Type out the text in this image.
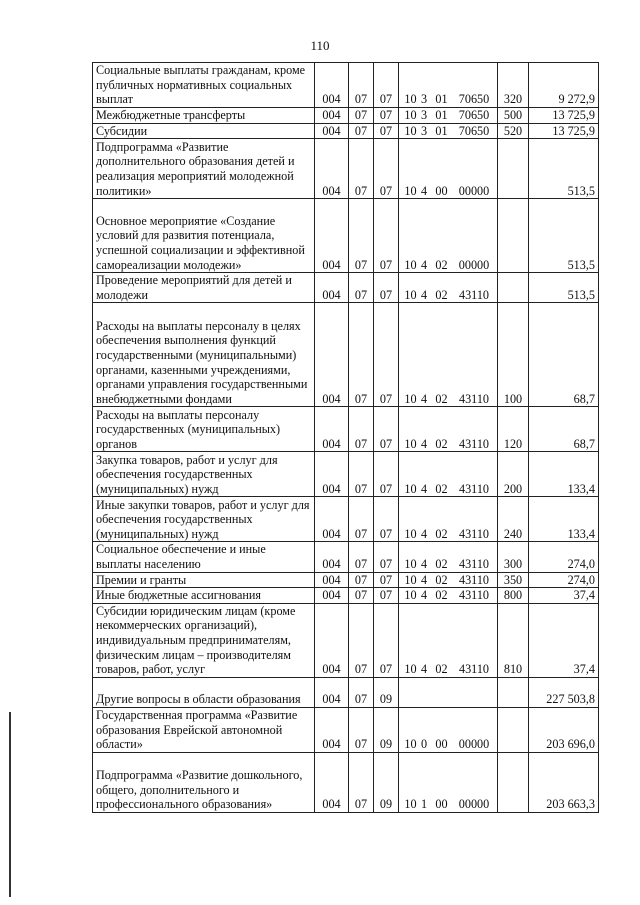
110
Социальные выплаты гражданам, кроме публичных нормативных социальных выплат	004	07	07	10 3 01 70650	320	9 272,9
Межбюджетные трансферты	004	07	07	10 3 01 70650	500	13 725,9
Субсидии	004	07	07	10 3 01 70650	520	13 725,9
Подпрограмма «Развитие дополнительного образования детей и реализация мероприятий молодежной политики»	004	07	07	10 4 00 00000		513,5
Основное мероприятие «Создание условий для развития потенциала, успешной социализации и эффективной самореализации молодежи»	004	07	07	10 4 02 00000		513,5
Проведение мероприятий для детей и молодежи	004	07	07	10 4 02 43110		513,5
Расходы на выплаты персоналу в целях обеспечения выполнения функций государственными (муниципальными) органами, казенными учреждениями, органами управления государственными внебюджетными фондами	004	07	07	10 4 02 43110	100	68,7
Расходы на выплаты персоналу государственных (муниципальных) органов	004	07	07	10 4 02 43110	120	68,7
Закупка товаров, работ и услуг для обеспечения государственных (муниципальных) нужд	004	07	07	10 4 02 43110	200	133,4
Иные закупки товаров, работ и услуг для обеспечения государственных (муниципальных) нужд	004	07	07	10 4 02 43110	240	133,4
Социальное обеспечение и иные выплаты населению	004	07	07	10 4 02 43110	300	274,0
Премии и гранты	004	07	07	10 4 02 43110	350	274,0
Иные бюджетные ассигнования	004	07	07	10 4 02 43110	800	37,4
Субсидии юридическим лицам (кроме некоммерческих организаций), индивидуальным предпринимателям, физическим лицам – производителям товаров, работ, услуг	004	07	07	10 4 02 43110	810	37,4
Другие вопросы в области образования	004	07	09			227 503,8
Государственная программа «Развитие образования Еврейской автономной области»	004	07	09	10 0 00 00000		203 696,0
Подпрограмма «Развитие дошкольного, общего, дополнительного и профессионального образования»	004	07	09	10 1 00 00000		203 663,3
